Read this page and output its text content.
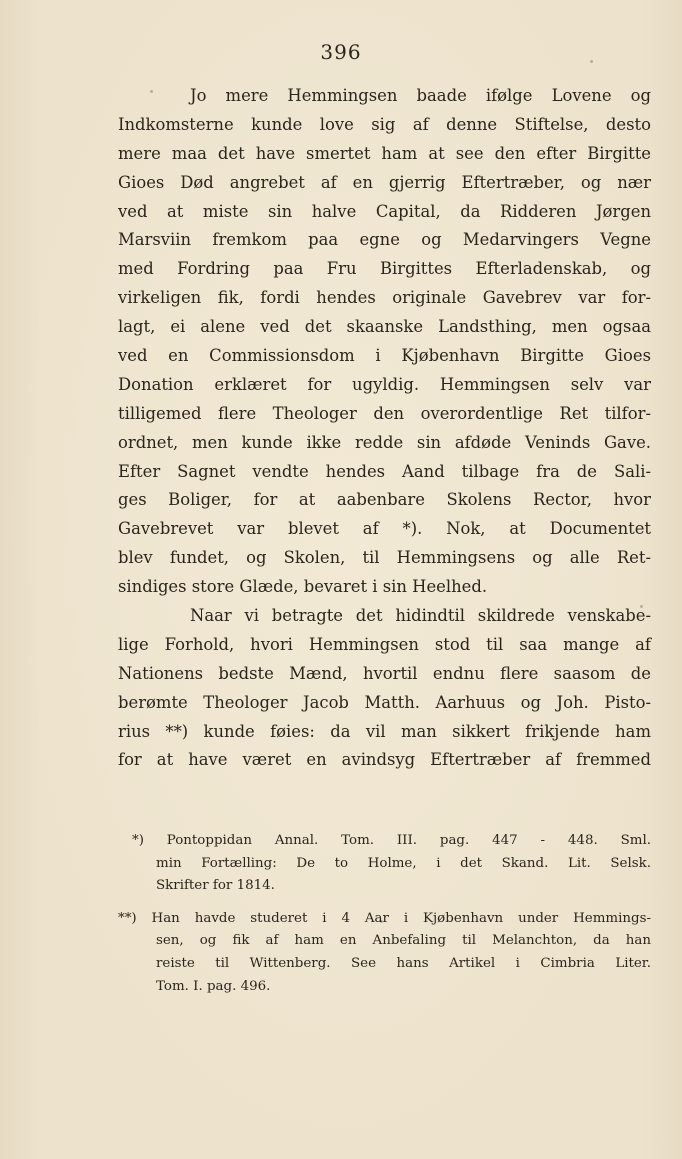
396
Jo mere Hemmingsen baade ifølge Lovene og
Indkomsterne kunde love sig af denne Stiftelse, desto
mere maa det have smertet ham at see den efter Birgitte
Gioes Død angrebet af en gjerrig Eftertræber, og nær
ved at miste sin halve Capital, da Ridderen Jørgen
Marsviin fremkom paa egne og Medarvingers Vegne
med Fordring paa Fru Birgittes Efterladenskab, og
virkeligen fik, fordi hendes originale Gavebrev var for-
lagt, ei alene ved det skaanske Landsthing, men ogsaa
ved en Commissionsdom i Kjøbenhavn Birgitte Gioes
Donation erklæret for ugyldig. Hemmingsen selv var
tilligemed flere Theologer den overordentlige Ret tilfor-
ordnet, men kunde ikke redde sin afdøde Veninds Gave.
Efter Sagnet vendte hendes Aand tilbage fra de Sali-
ges Boliger, for at aabenbare Skolens Rector, hvor
Gavebrevet var blevet af *). Nok, at Documentet
blev fundet, og Skolen, til Hemmingsens og alle Ret-
sindiges store Glæde, bevaret i sin Heelhed.
Naar vi betragte det hidindtil skildrede venskabe-
lige Forhold, hvori Hemmingsen stod til saa mange af
Nationens bedste Mænd, hvortil endnu flere saasom de
berømte Theologer Jacob Matth. Aarhuus og Joh. Pisto-
rius **) kunde føies: da vil man sikkert frikjende ham
for at have været en avindsyg Eftertræber af fremmed
*) Pontoppidan Annal. Tom. III. pag. 447 - 448. Sml.
min Fortælling: De to Holme, i det Skand. Lit. Selsk.
Skrifter for 1814.
**) Han havde studeret i 4 Aar i Kjøbenhavn under Hemmings-
sen, og fik af ham en Anbefaling til Melanchton, da han
reiste til Wittenberg. See hans Artikel i Cimbria Liter.
Tom. I. pag. 496.
